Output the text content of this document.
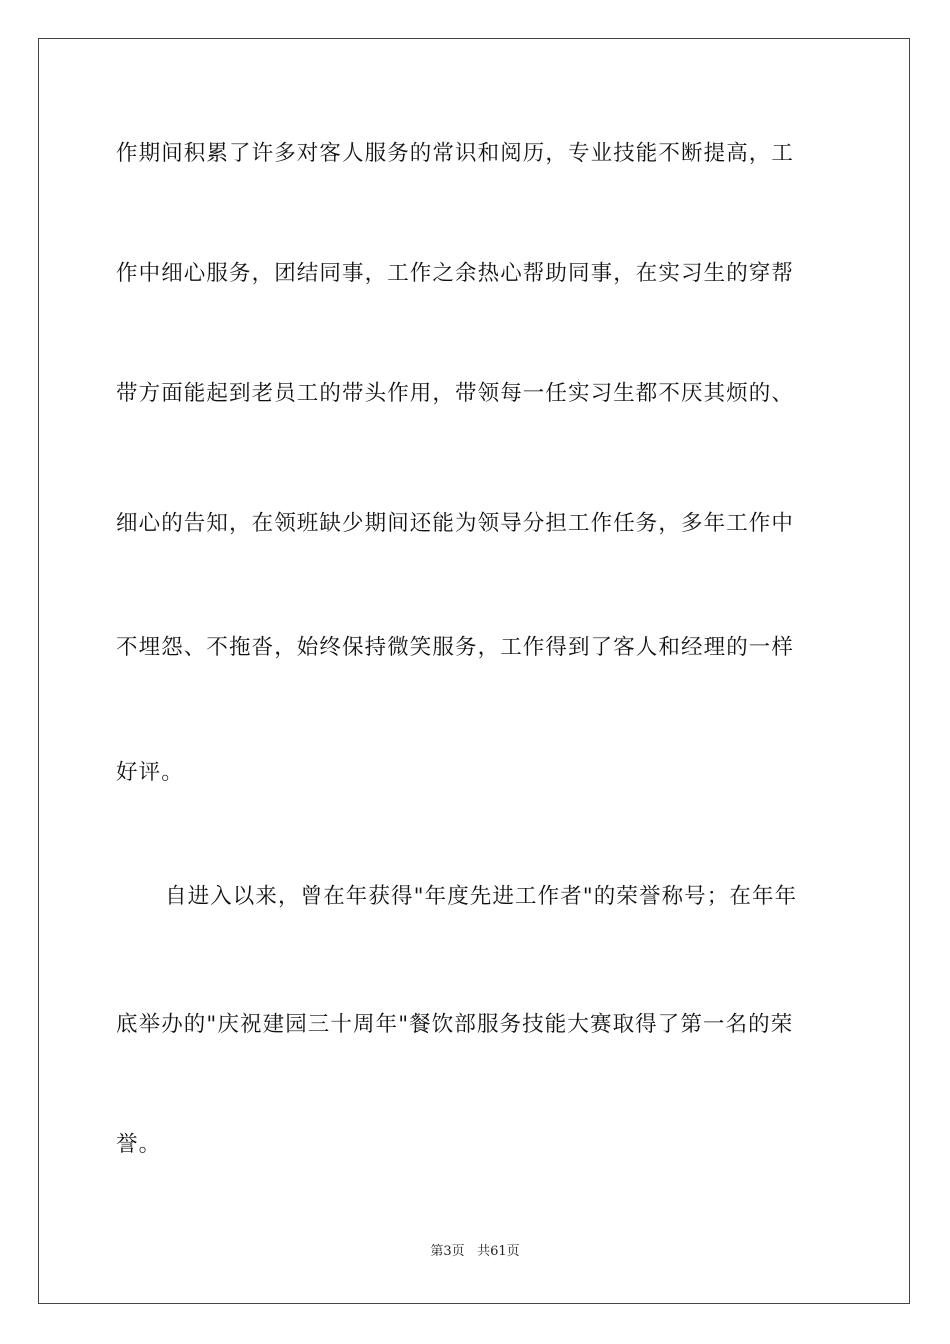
作期间积累了许多对客人服务的常识和阅历，专业技能不断提高，工
作中细心服务，团结同事，工作之余热心帮助同事，在实习生的穿帮
带方面能起到老员工的带头作用，带领每一任实习生都不厌其烦的、
细心的告知，在领班缺少期间还能为领导分担工作任务，多年工作中
不埋怨、不拖沓，始终保持微笑服务，工作得到了客人和经理的一样
好评。
自进入以来，曾在年获得"年度先进工作者"的荣誉称号；在年年
底举办的"庆祝建园三十周年"餐饮部服务技能大赛取得了第一名的荣
誉。
第3页 共61页
